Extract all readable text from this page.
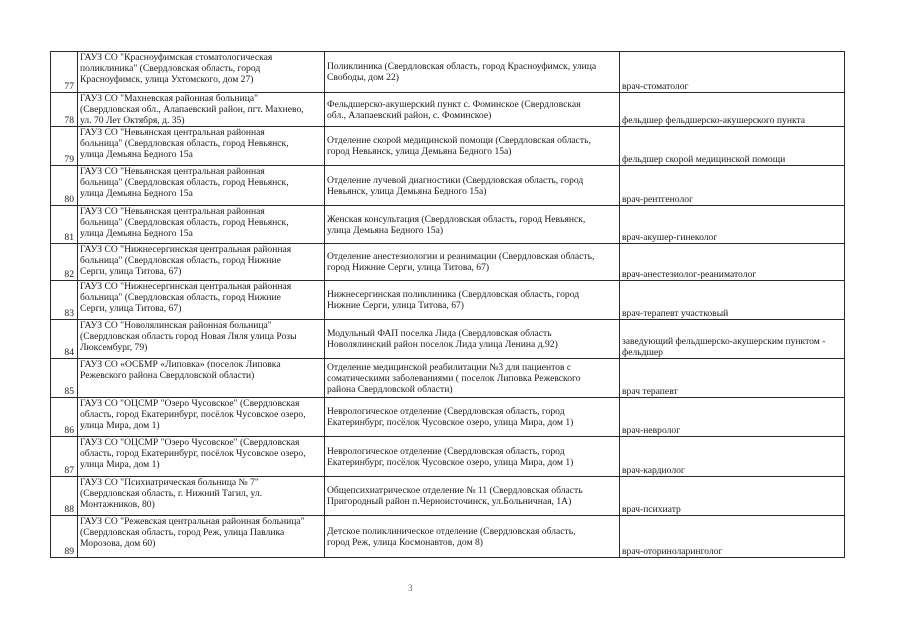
77	ГАУЗ СО "Красноуфимская стоматологическая
поликлиника" (Свердловская область, город
Красноуфимск, улица Ухтомского, дом 27)	Поликлиника (Свердловская область, город Красноуфимск, улица
Свободы, дом 22)	врач-стоматолог
78	ГАУЗ СО "Махневская районная больница"
(Свердловская обл., Алапаевский район, пгт. Махнево,
ул. 70 Лет Октября, д. 35)	Фельдшерско-акушерский пункт с. Фоминское (Свердловская
обл., Алапаевский район, с. Фоминское)	фельдшер фельдшерско-акушерского пункта
79	ГАУЗ СО "Невьянская центральная районная
больница" (Свердловская область, город Невьянск,
улица Демьяна Бедного 15а	Отделение скорой медицинской помощи (Свердловская область,
город Невьянск, улица Демьяна Бедного 15а)	фельдшер скорой медицинской помощи
80	ГАУЗ СО "Невьянская центральная районная
больница" (Свердловская область, город Невьянск,
улица Демьяна Бедного 15а	Отделение лучевой диагностики (Свердловская область, город
Невьянск, улица Демьяна Бедного 15а)	врач-рентгенолог
81	ГАУЗ СО "Невьянская центральная районная
больница" (Свердловская область, город Невьянск,
улица Демьяна Бедного 15а	Женская консультация (Свердловская область, город Невьянск,
улица Демьяна Бедного 15а)	врач-акушер-гинеколог
82	ГАУЗ СО "Нижнесергинская центральная районная
больница" (Свердловская область, город Нижние
Серги, улица Титова, 67)	Отделение анестезиологии и реанимации (Свердловская область,
город Нижние Серги, улица Титова, 67)	врач-анестезиолог-реаниматолог
83	ГАУЗ СО "Нижнесергинская центральная районная
больница" (Свердловская область, город Нижние
Серги, улица Титова, 67)	Нижнесергинская поликлиника (Свердловская область, город
Нижние Серги, улица Титова, 67)	врач-терапевт участковый
84	ГАУЗ СО "Новолялинская районная больница"
(Свердловская область город Новая Ляля улица Розы
Люксембург, 79)	Модульный ФАП поселка Лида (Свердловская область
Новолялинский район поселок Лида улица Ленина д.92)	заведующий фельдшерско-акушерским пунктом -
фельдшер
85	ГАУЗ СО «ОСБМР «Липовка» (поселок Липовка
Режевского района Свердловской области)	Отделение медицинской реабилитации №3 для пациентов с
соматическими заболеваниями ( поселок Липовка Режевского
района Свердловской области)	врач терапевт
86	ГАУЗ СО "ОЦСМР "Озеро Чусовское" (Свердловская
область, город Екатеринбург, посёлок Чусовское озеро,
улица Мира, дом 1)	Неврологическое отделение (Свердловская область, город
Екатеринбург, посёлок Чусовское озеро, улица Мира, дом 1)	врач-невролог
87	ГАУЗ СО "ОЦСМР "Озеро Чусовское" (Свердловская
область, город Екатеринбург, посёлок Чусовское озеро,
улица Мира, дом 1)	Неврологическое отделение (Свердловская область, город
Екатеринбург, посёлок Чусовское озеро, улица Мира, дом 1)	врач-кардиолог
88	ГАУЗ СО "Психиатрическая больница № 7"
(Свердловская область, г. Нижний Тагил, ул.
Монтажников, 80)	Общепсихиатрическое отделение № 11 (Свердловская область
Пригородный район п.Черноисточинск, ул.Больничная, 1А)	врач-психиатр
89	ГАУЗ СО "Режевская центральная районная больница"
(Свердловская область, город Реж, улица Павлика
Морозова, дом 60)	Детское поликлиническое отделение (Свердловская область,
город Реж, улица Космонавтов, дом 8)	врач-оториноларинголог
3
